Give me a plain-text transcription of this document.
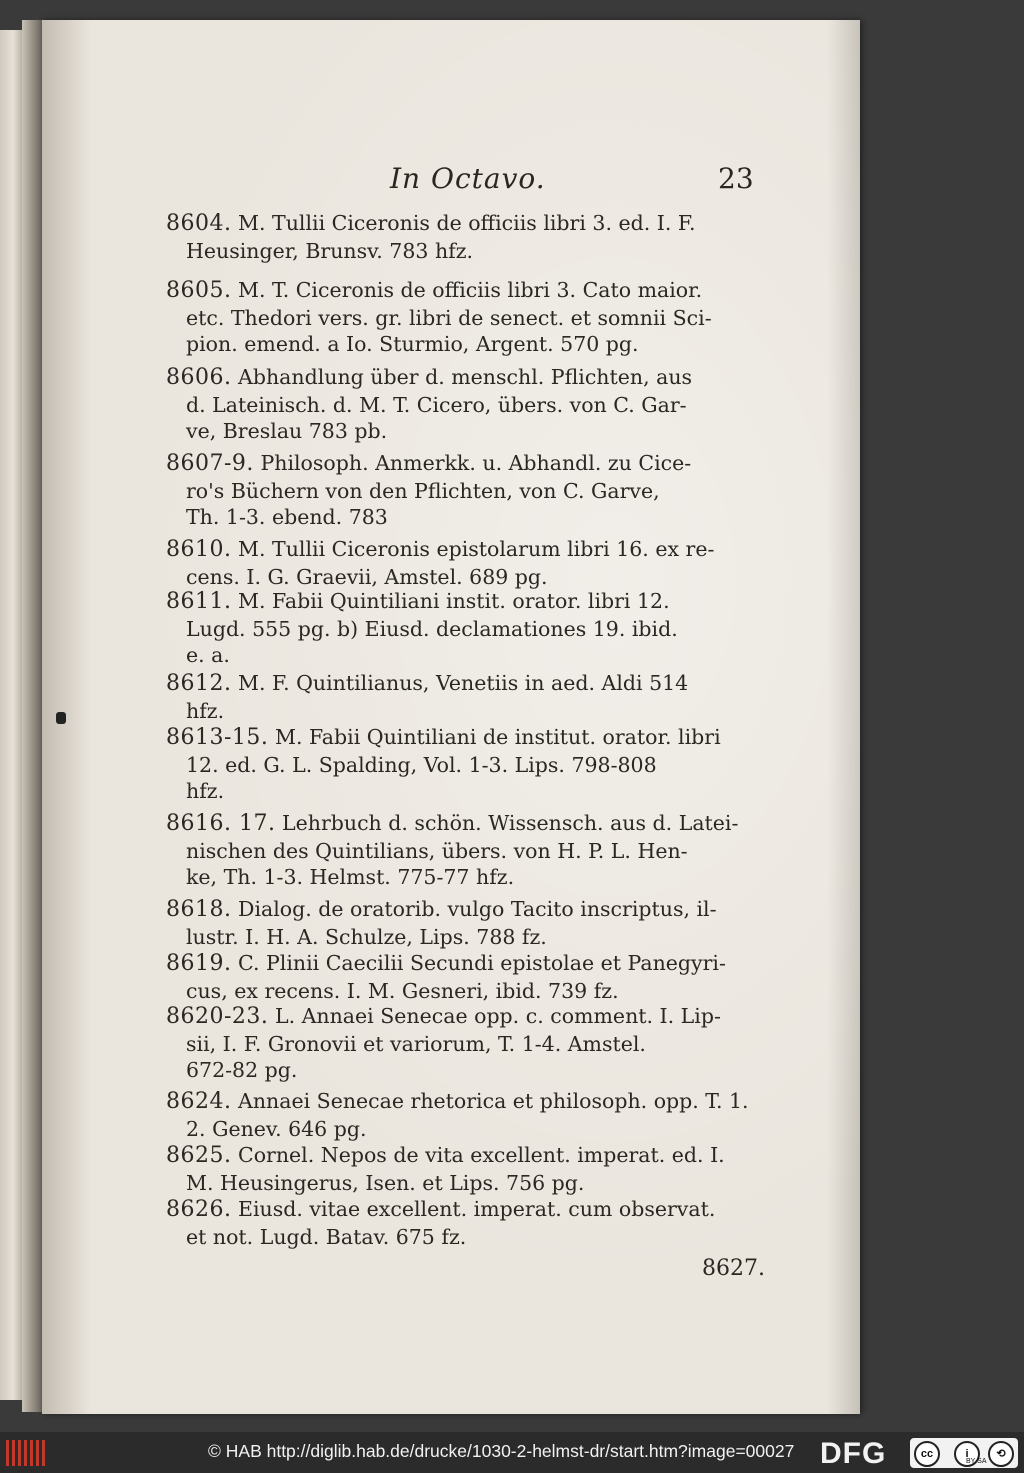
In Octavo.	23
8604. M. Tullii Ciceronis de officiis libri 3. ed. I. F.
Heusinger, Brunsv. 783 hfz.
8605. M. T. Ciceronis de officiis libri 3. Cato maior.
etc. Thedori vers. gr. libri de senect. et somnii Sci-
pion. emend. a Io. Sturmio, Argent. 570 pg.
8606. Abhandlung über d. menschl. Pflichten, aus
d. Lateinisch. d. M. T. Cicero, übers. von C. Gar-
ve, Breslau 783 pb.
8607-9. Philosoph. Anmerkk. u. Abhandl. zu Cice-
ro's Büchern von den Pflichten, von C. Garve,
Th. 1-3. ebend. 783
8610. M. Tullii Ciceronis epistolarum libri 16. ex re-
cens. I. G. Graevii, Amstel. 689 pg.
8611. M. Fabii Quintiliani instit. orator. libri 12.
Lugd. 555 pg. b) Eiusd. declamationes 19. ibid.
e. a.
8612. M. F. Quintilianus, Venetiis in aed. Aldi 514
hfz.
8613-15. M. Fabii Quintiliani de institut. orator. libri
12. ed. G. L. Spalding, Vol. 1-3. Lips. 798-808
hfz.
8616. 17. Lehrbuch d. schön. Wissensch. aus d. Latei-
nischen des Quintilians, übers. von H. P. L. Hen-
ke, Th. 1-3. Helmst. 775-77 hfz.
8618. Dialog. de oratorib. vulgo Tacito inscriptus, il-
lustr. I. H. A. Schulze, Lips. 788 fz.
8619. C. Plinii Caecilii Secundi epistolae et Panegyri-
cus, ex recens. I. M. Gesneri, ibid. 739 fz.
8620-23. L. Annaei Senecae opp. c. comment. I. Lip-
sii, I. F. Gronovii et variorum, T. 1-4. Amstel.
672-82 pg.
8624. Annaei Senecae rhetorica et philosoph. opp. T. 1.
2. Genev. 646 pg.
8625. Cornel. Nepos de vita excellent. imperat. ed. I.
M. Heusingerus, Isen. et Lips. 756 pg.
8626. Eiusd. vitae excellent. imperat. cum observat.
et not. Lugd. Batav. 675 fz.
8627.
© HAB http://diglib.hab.de/drucke/1030-2-helmst-dr/start.htm?image=00027 DFG	cc	i	⟲
BY SA
